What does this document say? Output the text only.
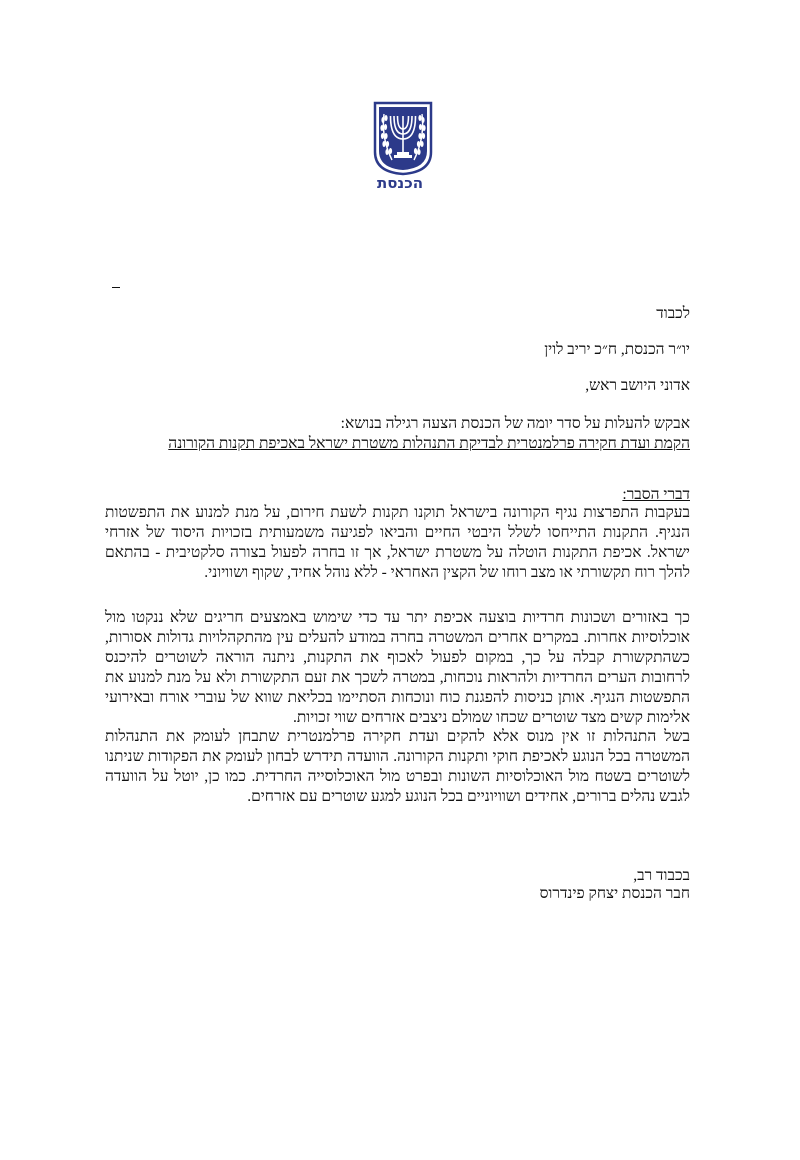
הכנסת
לכבוד
יו״ר הכנסת, ח״כ יריב לוין
אדוני היושב ראש,
אבקש להעלות על סדר יומה של הכנסת הצעה רגילה בנושא:
הקמת ועדת חקירה פרלמנטרית לבדיקת התנהלות משטרת ישראל באכיפת תקנות הקורונה
דברי הסבר:
בעקבות התפרצות נגיף הקורונה בישראל תוקנו תקנות לשעת חירום, על מנת למנוע את התפשטות הנגיף. התקנות התייחסו לשלל היבטי החיים והביאו לפגיעה משמעותית בזכויות היסוד של אזרחי ישראל. אכיפת התקנות הוטלה על משטרת ישראל, אך זו בחרה לפעול בצורה סלקטיבית - בהתאם להלך רוח תקשורתי או מצב רוחו של הקצין האחראי - ללא נוהל אחיד, שקוף ושוויוני.
כך באזורים ושכונות חרדיות בוצעה אכיפת יתר עד כדי שימוש באמצעים חריגים שלא ננקטו מול אוכלוסיות אחרות. במקרים אחרים המשטרה בחרה במודע להעלים עין מהתקהלויות גדולות אסורות, כשהתקשורת קבלה על כך, במקום לפעול לאכוף את התקנות, ניתנה הוראה לשוטרים להיכנס לרחובות הערים החרדיות ולהראות נוכחות, במטרה לשכך את זעם התקשורת ולא על מנת למנוע את התפשטות הנגיף. אותן כניסות להפגנת כוח ונוכחות הסתיימו בכליאת שווא של עוברי אורח ובאירועי אלימות קשים מצד שוטרים שכחו שמולם ניצבים אזרחים שווי זכויות.
בשל התנהלות זו אין מנוס אלא להקים ועדת חקירה פרלמנטרית שתבחן לעומק את התנהלות המשטרה בכל הנוגע לאכיפת חוקי ותקנות הקורונה. הוועדה תידרש לבחון לעומק את הפקודות שניתנו לשוטרים בשטח מול האוכלוסיות השונות ובפרט מול האוכלוסייה החרדית. כמו כן, יוטל על הוועדה לגבש נהלים ברורים, אחידים ושוויוניים בכל הנוגע למגע שוטרים עם אזרחים.
בכבוד רב,
חבר הכנסת יצחק פינדרוס
